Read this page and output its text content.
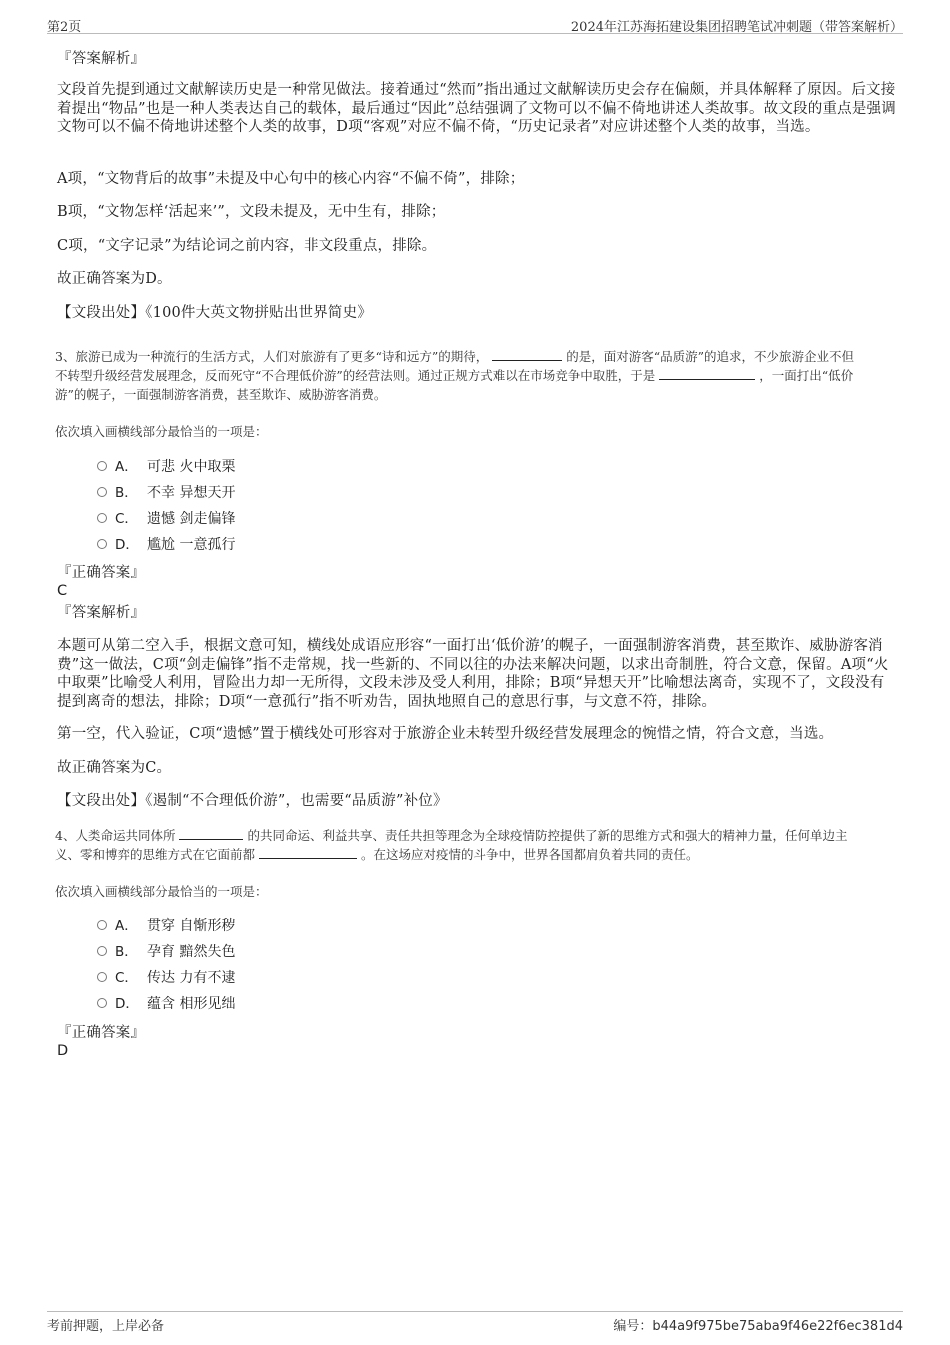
第2页	2024年江苏海拓建设集团招聘笔试冲刺题（带答案解析）
『答案解析』
文段首先提到通过文献解读历史是一种常见做法。接着通过“然而”指出通过文献解读历史会存在偏颇，并具体解释了原因。后文接着提出“物品”也是一种人类表达自己的载体，最后通过“因此”总结强调了文物可以不偏不倚地讲述人类故事。故文段的重点是强调文物可以不偏不倚地讲述整个人类的故事，D项“客观”对应不偏不倚，“历史记录者”对应讲述整个人类的故事，当选。
A项，“文物背后的故事”未提及中心句中的核心内容“不偏不倚”，排除；
B项，“文物怎样‘活起来’”，文段未提及，无中生有，排除；
C项，“文字记录”为结论词之前内容，非文段重点，排除。
故正确答案为D。
【文段出处】《100件大英文物拼贴出世界简史》
3、旅游已成为一种流行的生活方式，人们对旅游有了更多“诗和远方”的期待，	的是，面对游客“品质游”的追求，不少旅游企业不但
不转型升级经营发展理念，反而死守“不合理低价游”的经营法则。通过正规方式难以在市场竞争中取胜，于是	，一面打出“低价
游”的幌子，一面强制游客消费，甚至欺诈、威胁游客消费。
依次填入画横线部分最恰当的一项是：
A． 可悲 火中取栗
B． 不幸 异想天开
C． 遗憾 剑走偏锋
D． 尴尬 一意孤行
『正确答案』
C
『答案解析』
本题可从第二空入手，根据文意可知，横线处成语应形容“一面打出‘低价游’的幌子，一面强制游客消费，甚至欺诈、威胁游客消费”这一做法，C项“剑走偏锋”指不走常规，找一些新的、不同以往的办法来解决问题，以求出奇制胜，符合文意，保留。A项“火中取栗”比喻受人利用，冒险出力却一无所得，文段未涉及受人利用，排除；B项“异想天开”比喻想法离奇，实现不了，文段没有提到离奇的想法，排除；D项“一意孤行”指不听劝告，固执地照自己的意思行事，与文意不符，排除。
第一空，代入验证，C项“遗憾”置于横线处可形容对于旅游企业未转型升级经营发展理念的惋惜之情，符合文意，当选。
故正确答案为C。
【文段出处】《遏制“不合理低价游”，也需要“品质游”补位》
4、人类命运共同体所	的共同命运、利益共享、责任共担等理念为全球疫情防控提供了新的思维方式和强大的精神力量，任何单边主
义、零和博弈的思维方式在它面前都	。在这场应对疫情的斗争中，世界各国都肩负着共同的责任。
依次填入画横线部分最恰当的一项是：
A． 贯穿 自惭形秽
B． 孕育 黯然失色
C． 传达 力有不逮
D． 蕴含 相形见绌
『正确答案』
D
考前押题，上岸必备	编号：b44a9f975be75aba9f46e22f6ec381d4
